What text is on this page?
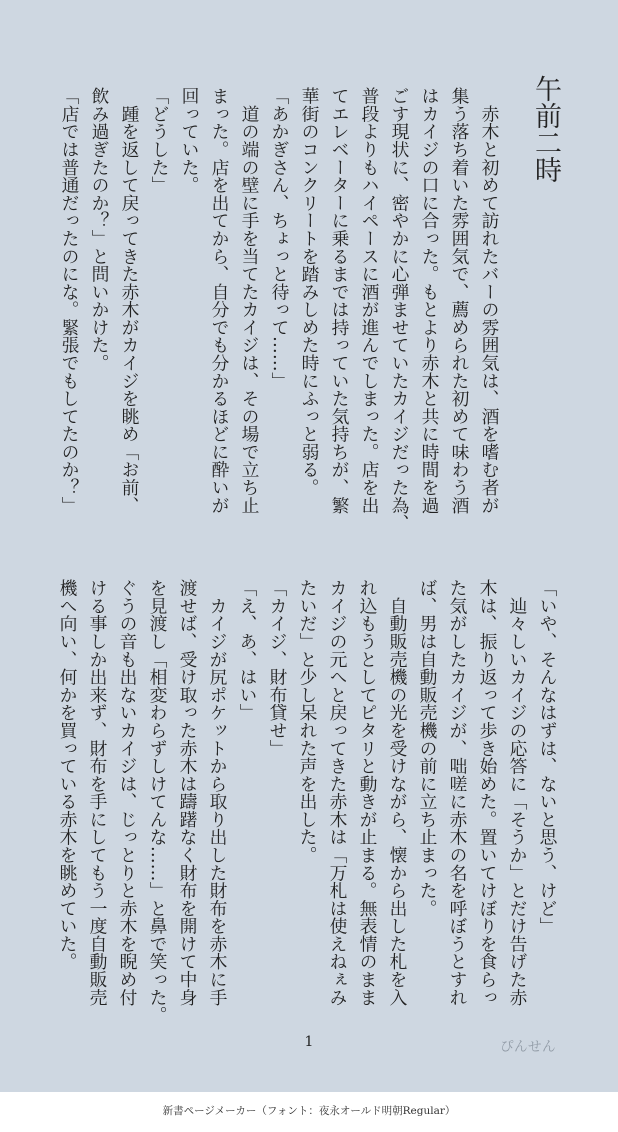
午前二時
　赤木と初めて訪れたバーの雰囲気は、酒を嗜む者が
集う落ち着いた雰囲気で、薦められた初めて味わう酒
はカイジの口に合った。もとより赤木と共に時間を過
ごす現状に、密やかに心弾ませていたカイジだった為、
普段よりもハイペースに酒が進んでしまった。店を出
てエレベーターに乗るまでは持っていた気持ちが、繁
華街のコンクリートを踏みしめた時にふっと弱る。
「あかぎさん、ちょっと待って……」
　道の端の壁に手を当てたカイジは、その場で立ち止
まった。店を出てから、自分でも分かるほどに酔いが
回っていた。
「どうした」
　踵を返して戻ってきた赤木がカイジを眺め「お前、
飲み過ぎたのか？」と問いかけた。
「店では普通だったのにな。緊張でもしてたのか？」
「いや、そんなはずは、ないと思う、けど」
　辿々しいカイジの応答に「そうか」とだけ告げた赤
木は、振り返って歩き始めた。置いてけぼりを食らっ
た気がしたカイジが、咄嗟に赤木の名を呼ぼうとすれ
ば、男は自動販売機の前に立ち止まった。
　自動販売機の光を受けながら、懐から出した札を入
れ込もうとしてピタリと動きが止まる。無表情のまま
カイジの元へと戻ってきた赤木は「万札は使えねぇみ
たいだ」と少し呆れた声を出した。
「カイジ、財布貸せ」
「え、あ、はい」
　カイジが尻ポケットから取り出した財布を赤木に手
渡せば、受け取った赤木は躊躇なく財布を開けて中身
を見渡し「相変わらずしけてんな……」と鼻で笑った。
ぐうの音も出ないカイジは、じっとりと赤木を睨め付
ける事しか出来ず、財布を手にしてもう一度自動販売
機へ向い、何かを買っている赤木を眺めていた。
1	ぴんせん
新書ページメーカー（フォント：夜永オールド明朝Regular）
